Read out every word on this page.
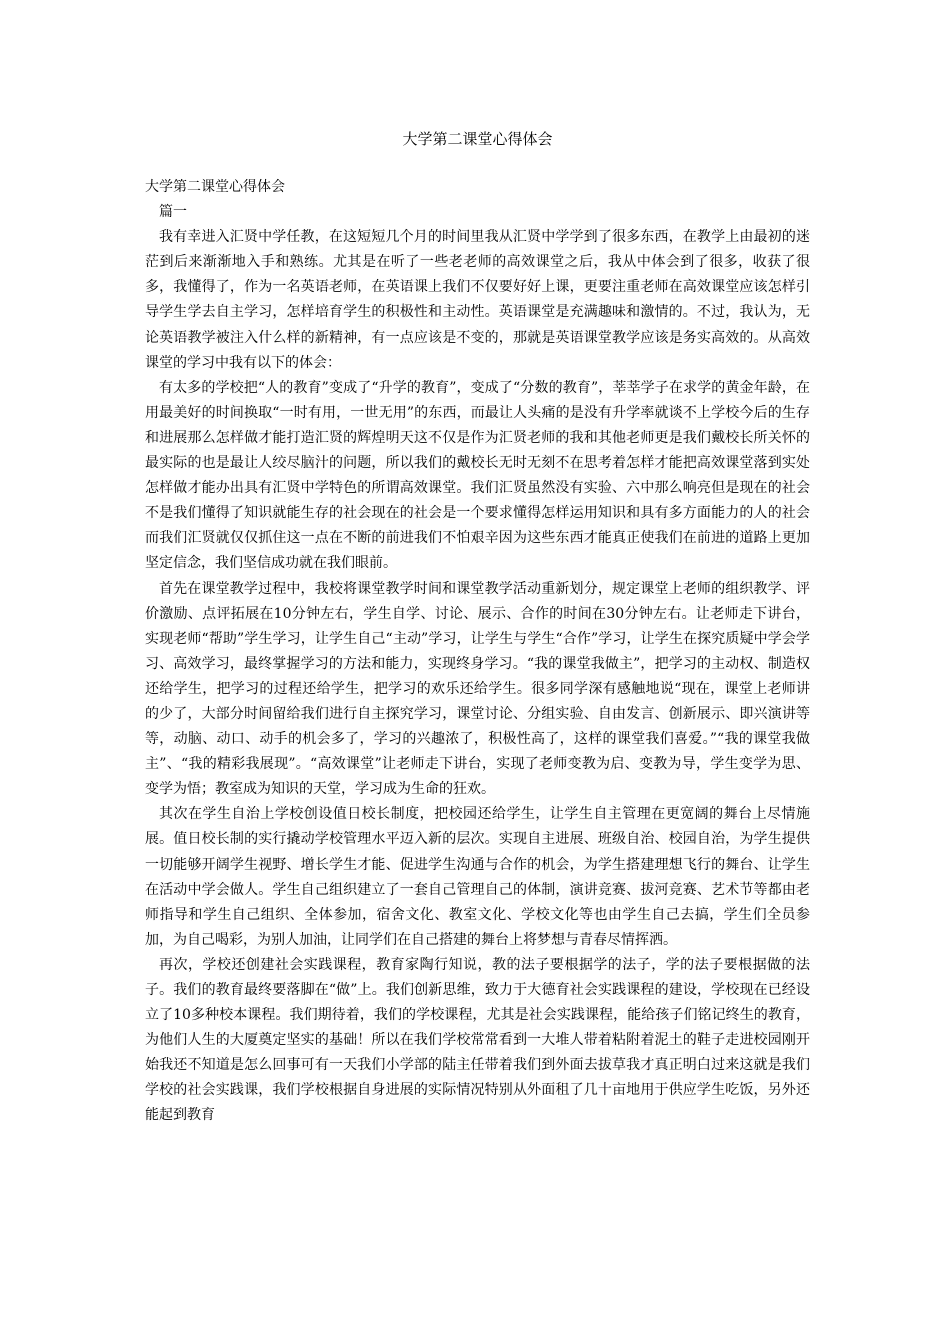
大学第二课堂心得体会

大学第二课堂心得体会

篇一

我有幸进入汇贤中学任教，在这短短几个月的时间里我从汇贤中学学到了很多东西，在教学上由最初的迷茫到后来渐渐地入手和熟练。尤其是在听了一些老老师的高效课堂之后，我从中体会到了很多，收获了很多，我懂得了，作为一名英语老师，在英语课上我们不仅要好好上课，更要注重老师在高效课堂应该怎样引导学生学去自主学习，怎样培育学生的积极性和主动性。英语课堂是充满趣味和激情的。不过，我认为，无论英语教学被注入什么样的新精神，有一点应该是不变的，那就是英语课堂教学应该是务实高效的。从高效课堂的学习中我有以下的体会：

有太多的学校把“人的教育”变成了“升学的教育”，变成了“分数的教育”，莘莘学子在求学的黄金年龄，在用最美好的时间换取“一时有用，一世无用”的东西，而最让人头痛的是没有升学率就谈不上学校今后的生存和进展那么怎样做才能打造汇贤的辉煌明天这不仅是作为汇贤老师的我和其他老师更是我们戴校长所关怀的最实际的也是最让人绞尽脑汁的问题，所以我们的戴校长无时无刻不在思考着怎样才能把高效课堂落到实处怎样做才能办出具有汇贤中学特色的所谓高效课堂。我们汇贤虽然没有实验、六中那么响亮但是现在的社会不是我们懂得了知识就能生存的社会现在的社会是一个要求懂得怎样运用知识和具有多方面能力的人的社会而我们汇贤就仅仅抓住这一点在不断的前进我们不怕艰辛因为这些东西才能真正使我们在前进的道路上更加坚定信念，我们坚信成功就在我们眼前。

首先在课堂教学过程中，我校将课堂教学时间和课堂教学活动重新划分，规定课堂上老师的组织教学、评价激励、点评拓展在10分钟左右，学生自学、讨论、展示、合作的时间在30分钟左右。让老师走下讲台，实现老师“帮助”学生学习，让学生自己“主动”学习，让学生与学生“合作”学习，让学生在探究质疑中学会学习、高效学习，最终掌握学习的方法和能力，实现终身学习。“我的课堂我做主”，把学习的主动权、制造权还给学生，把学习的过程还给学生，把学习的欢乐还给学生。很多同学深有感触地说“现在，课堂上老师讲的少了，大部分时间留给我们进行自主探究学习，课堂讨论、分组实验、自由发言、创新展示、即兴演讲等等，动脑、动口、动手的机会多了，学习的兴趣浓了，积极性高了，这样的课堂我们喜爱。”“我的课堂我做主”、“我的精彩我展现”。“高效课堂”让老师走下讲台，实现了老师变教为启、变教为导，学生变学为思、变学为悟；教室成为知识的天堂，学习成为生命的狂欢。

其次在学生自治上学校创设值日校长制度，把校园还给学生，让学生自主管理在更宽阔的舞台上尽情施展。值日校长制的实行撬动学校管理水平迈入新的层次。实现自主进展、班级自治、校园自治，为学生提供一切能够开阔学生视野、增长学生才能、促进学生沟通与合作的机会，为学生搭建理想飞行的舞台、让学生在活动中学会做人。学生自己组织建立了一套自己管理自己的体制，演讲竞赛、拔河竞赛、艺术节等都由老师指导和学生自己组织、全体参加，宿舍文化、教室文化、学校文化等也由学生自己去搞，学生们全员参加，为自己喝彩，为别人加油，让同学们在自己搭建的舞台上将梦想与青春尽情挥洒。

再次，学校还创建社会实践课程，教育家陶行知说，教的法子要根据学的法子，学的法子要根据做的法子。我们的教育最终要落脚在“做”上。我们创新思维，致力于大德育社会实践课程的建设，学校现在已经设立了10多种校本课程。我们期待着，我们的学校课程，尤其是社会实践课程，能给孩子们铭记终生的教育，为他们人生的大厦奠定坚实的基础！所以在我们学校常常看到一大堆人带着粘附着泥土的鞋子走进校园刚开始我还不知道是怎么回事可有一天我们小学部的陆主任带着我们到外面去拔草我才真正明白过来这就是我们学校的社会实践课，我们学校根据自身进展的实际情况特别从外面租了几十亩地用于供应学生吃饭，另外还能起到教育
